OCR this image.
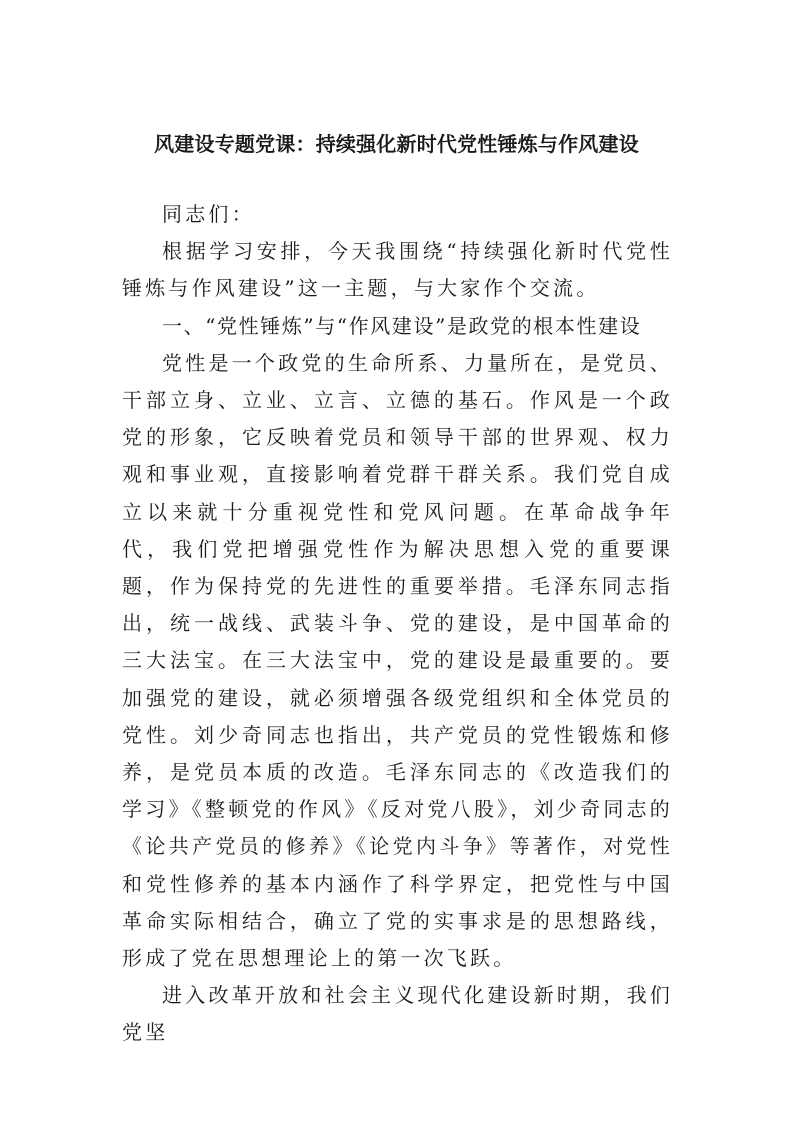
风建设专题党课：持续强化新时代党性锤炼与作风建设

同志们：

根据学习安排，今天我围绕“持续强化新时代党性锤炼与作风建设”这一主题，与大家作个交流。

一、“党性锤炼”与“作风建设”是政党的根本性建设

党性是一个政党的生命所系、力量所在，是党员、干部立身、立业、立言、立德的基石。作风是一个政党的形象，它反映着党员和领导干部的世界观、权力观和事业观，直接影响着党群干群关系。我们党自成立以来就十分重视党性和党风问题。在革命战争年代，我们党把增强党性作为解决思想入党的重要课题，作为保持党的先进性的重要举措。毛泽东同志指出，统一战线、武装斗争、党的建设，是中国革命的三大法宝。在三大法宝中，党的建设是最重要的。要加强党的建设，就必须增强各级党组织和全体党员的党性。刘少奇同志也指出，共产党员的党性锻炼和修养，是党员本质的改造。毛泽东同志的《改造我们的学习》《整顿党的作风》《反对党八股》，刘少奇同志的《论共产党员的修养》《论党内斗争》等著作，对党性和党性修养的基本内涵作了科学界定，把党性与中国革命实际相结合，确立了党的实事求是的思想路线，形成了党在思想理论上的第一次飞跃。

进入改革开放和社会主义现代化建设新时期，我们党坚
